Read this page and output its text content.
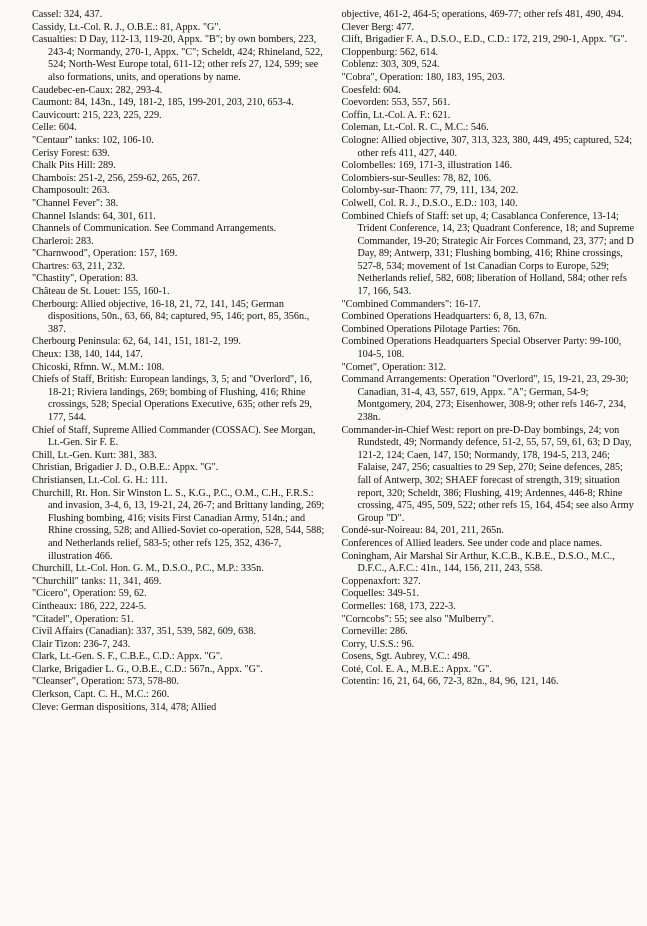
Cassel: 324, 437.

Cassidy, Lt.-Col. R. J., O.B.E.: 81, Appx. "G".

Casualties: D Day, 112-13, 119-20, Appx. "B"; by own bombers, 223, 243-4; Normandy, 270-1, Appx. "C"; Scheldt, 424; Rhineland, 522, 524; North-West Europe total, 611-12; other refs 27, 124, 599; see also formations, units, and operations by name.

Caudebec-en-Caux: 282, 293-4.

Caumont: 84, 143n., 149, 181-2, 185, 199-201, 203, 210, 653-4.

Cauvicourt: 215, 223, 225, 229.

Celle: 604.

"Centaur" tanks: 102, 106-10.

Cerisy Forest: 639.

Chalk Pits Hill: 289.

Chambois: 251-2, 256, 259-62, 265, 267.

Champosoult: 263.

"Channel Fever": 38.

Channel Islands: 64, 301, 611.

Channels of Communication. See Command Arrangements.

Charleroi: 283.

"Charnwood", Operation: 157, 169.

Chartres: 63, 211, 232.

"Chastity", Operation: 83.

Château de St. Louet: 155, 160-1.

Cherbourg: Allied objective, 16-18, 21, 72, 141, 145; German dispositions, 50n., 63, 66, 84; captured, 95, 146; port, 85, 356n., 387.

Cherbourg Peninsula: 62, 64, 141, 151, 181-2, 199.

Cheux: 138, 140, 144, 147.

Chicoski, Rfmn. W., M.M.: 108.

Chiefs of Staff, British: European landings, 3, 5; and "Overlord", 16, 18-21; Riviera landings, 269; bombing of Flushing, 416; Rhine crossings, 528; Special Operations Executive, 635; other refs 29, 177, 544.

Chief of Staff, Supreme Allied Commander (COSSAC). See Morgan, Lt.-Gen. Sir F. E.

Chill, Lt.-Gen. Kurt: 381, 383.

Christian, Brigadier J. D., O.B.E.: Appx. "G".

Christiansen, Lt.-Col. G. H.: 111.

Churchill, Rt. Hon. Sir Winston L. S., K.G., P.C., O.M., C.H., F.R.S.: and invasion, 3-4, 6, 13, 19-21, 24, 26-7; and Brittany landing, 269; Flushing bombing, 416; visits First Canadian Army, 514n.; and Rhine crossing, 528; and Allied-Soviet co-operation, 528, 544, 588; and Netherlands relief, 583-5; other refs 125, 352, 436-7, illustration 466.

Churchill, Lt.-Col. Hon. G. M., D.S.O., P.C., M.P.: 335n.

"Churchill" tanks: 11, 341, 469.

"Cicero", Operation: 59, 62.

Cintheaux: 186, 222, 224-5.

"Citadel", Operation: 51.

Civil Affairs (Canadian): 337, 351, 539, 582, 609, 638.

Clair Tizon: 236-7, 243.

Clark, Lt.-Gen. S. F., C.B.E., C.D.: Appx. "G".

Clarke, Brigadier L. G., O.B.E., C.D.: 567n., Appx. "G".

"Cleanser", Operation: 573, 578-80.

Clerkson, Capt. C. H., M.C.: 260.

Cleve: German dispositions, 314, 478; Allied

objective, 461-2, 464-5; operations, 469-77; other refs 481, 490, 494.

Clever Berg: 477.

Clift, Brigadier F. A., D.S.O., E.D., C.D.: 172, 219, 290-1, Appx. "G".

Cloppenburg: 562, 614.

Coblenz: 303, 309, 524.

"Cobra", Operation: 180, 183, 195, 203.

Coesfeld: 604.

Coevorden: 553, 557, 561.

Coffin, Lt.-Col. A. F.: 621.

Coleman, Lt.-Col. R. C., M.C.: 546.

Cologne: Allied objective, 307, 313, 323, 380, 449, 495; captured, 524; other refs 411, 427, 440.

Colombelles: 169, 171-3, illustration 146.

Colombiers-sur-Seulles: 78, 82, 106.

Colomby-sur-Thaon: 77, 79, 111, 134, 202.

Colwell, Col. R. J., D.S.O., E.D.: 103, 140.

Combined Chiefs of Staff: set up, 4; Casablanca Conference, 13-14; Trident Conference, 14, 23; Quadrant Conference, 18; and Supreme Commander, 19-20; Strategic Air Forces Command, 23, 377; and D Day, 89; Antwerp, 331; Flushing bombing, 416; Rhine crossings, 527-8, 534; movement of 1st Canadian Corps to Europe, 529; Netherlands relief, 582, 608; liberation of Holland, 584; other refs 17, 166, 543.

"Combined Commanders": 16-17.

Combined Operations Headquarters: 6, 8, 13, 67n.

Combined Operations Pilotage Parties: 76n.

Combined Operations Headquarters Special Observer Party: 99-100, 104-5, 108.

"Comet", Operation: 312.

Command Arrangements: Operation "Overlord", 15, 19-21, 23, 29-30; Canadian, 31-4, 43, 557, 619, Appx. "A"; German, 54-9; Montgomery, 204, 273; Eisenhower, 308-9; other refs 146-7, 234, 238n.

Commander-in-Chief West: report on pre-D-Day bombings, 24; von Rundstedt, 49; Normandy defence, 51-2, 55, 57, 59, 61, 63; D Day, 121-2, 124; Caen, 147, 150; Normandy, 178, 194-5, 213, 246; Falaise, 247, 256; casualties to 29 Sep, 270; Seine defences, 285; fall of Antwerp, 302; SHAEF forecast of strength, 319; situation report, 320; Scheldt, 386; Flushing, 419; Ardennes, 446-8; Rhine crossing, 475, 495, 509, 522; other refs 15, 164, 454; see also Army Group "D".

Condé-sur-Noireau: 84, 201, 211, 265n.

Conferences of Allied leaders. See under code and place names.

Coningham, Air Marshal Sir Arthur, K.C.B., K.B.E., D.S.O., M.C., D.F.C., A.F.C.: 41n., 144, 156, 211, 243, 558.

Coppenaxfort: 327.

Coquelles: 349-51.

Cormelles: 168, 173, 222-3.

"Corncobs": 55; see also "Mulberry".

Corneville: 286.

Corry, U.S.S.: 96.

Cosens, Sgt. Aubrey, V.C.: 498.

Coté, Col. E. A., M.B.E.: Appx. "G".

Cotentin: 16, 21, 64, 66, 72-3, 82n., 84, 96, 121, 146.
